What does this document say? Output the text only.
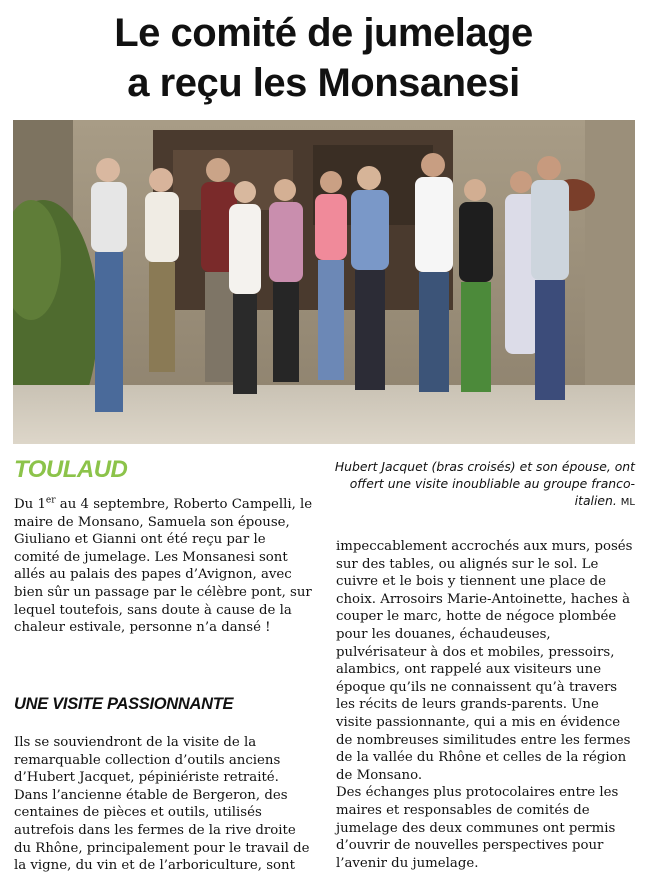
Le comité de jumelage
a reçu les Monsanesi
TOULAUD	Hubert Jacquet (bras croisés) et son épouse, ont offert une visite inoubliable au groupe franco-italien. ML

Du 1er au 4 septembre, Roberto Campelli, le maire de Monsano, Samuela son épouse, Giuliano et Gianni ont été reçu par le comité de jumelage. Les Monsanesi sont allés au palais des papes d’Avignon, avec bien sûr un passage par le célèbre pont, sur lequel toutefois, sans doute à cause de la chaleur estivale, personne n’a dansé !

UNE VISITE PASSIONNANTE

Ils se souviendront de la visite de la remarquable collection d’outils anciens d’Hubert Jacquet, pépiniériste retraité. Dans l’ancienne étable de Bergeron, des centaines de pièces et outils, utilisés autrefois dans les fermes de la rive droite du Rhône, principalement pour le travail de la vigne, du vin et de l’arboriculture, sont

impeccablement accrochés aux murs, posés sur des tables, ou alignés sur le sol. Le cuivre et le bois y tiennent une place de choix. Arrosoirs Marie-Antoinette, haches à couper le marc, hotte de négoce plombée pour les douanes, échaudeuses, pulvérisateur à dos et mobiles, pressoirs, alambics, ont rappelé aux visiteurs une époque qu’ils ne connaissent qu’à travers les récits de leurs grands-parents. Une visite passionnante, qui a mis en évidence de nombreuses similitudes entre les fermes de la vallée du Rhône et celles de la région de Monsano.

Des échanges plus protocolaires entre les maires et responsables de comités de jumelage des deux communes ont permis d’ouvrir de nouvelles perspectives pour l’avenir du jumelage.
